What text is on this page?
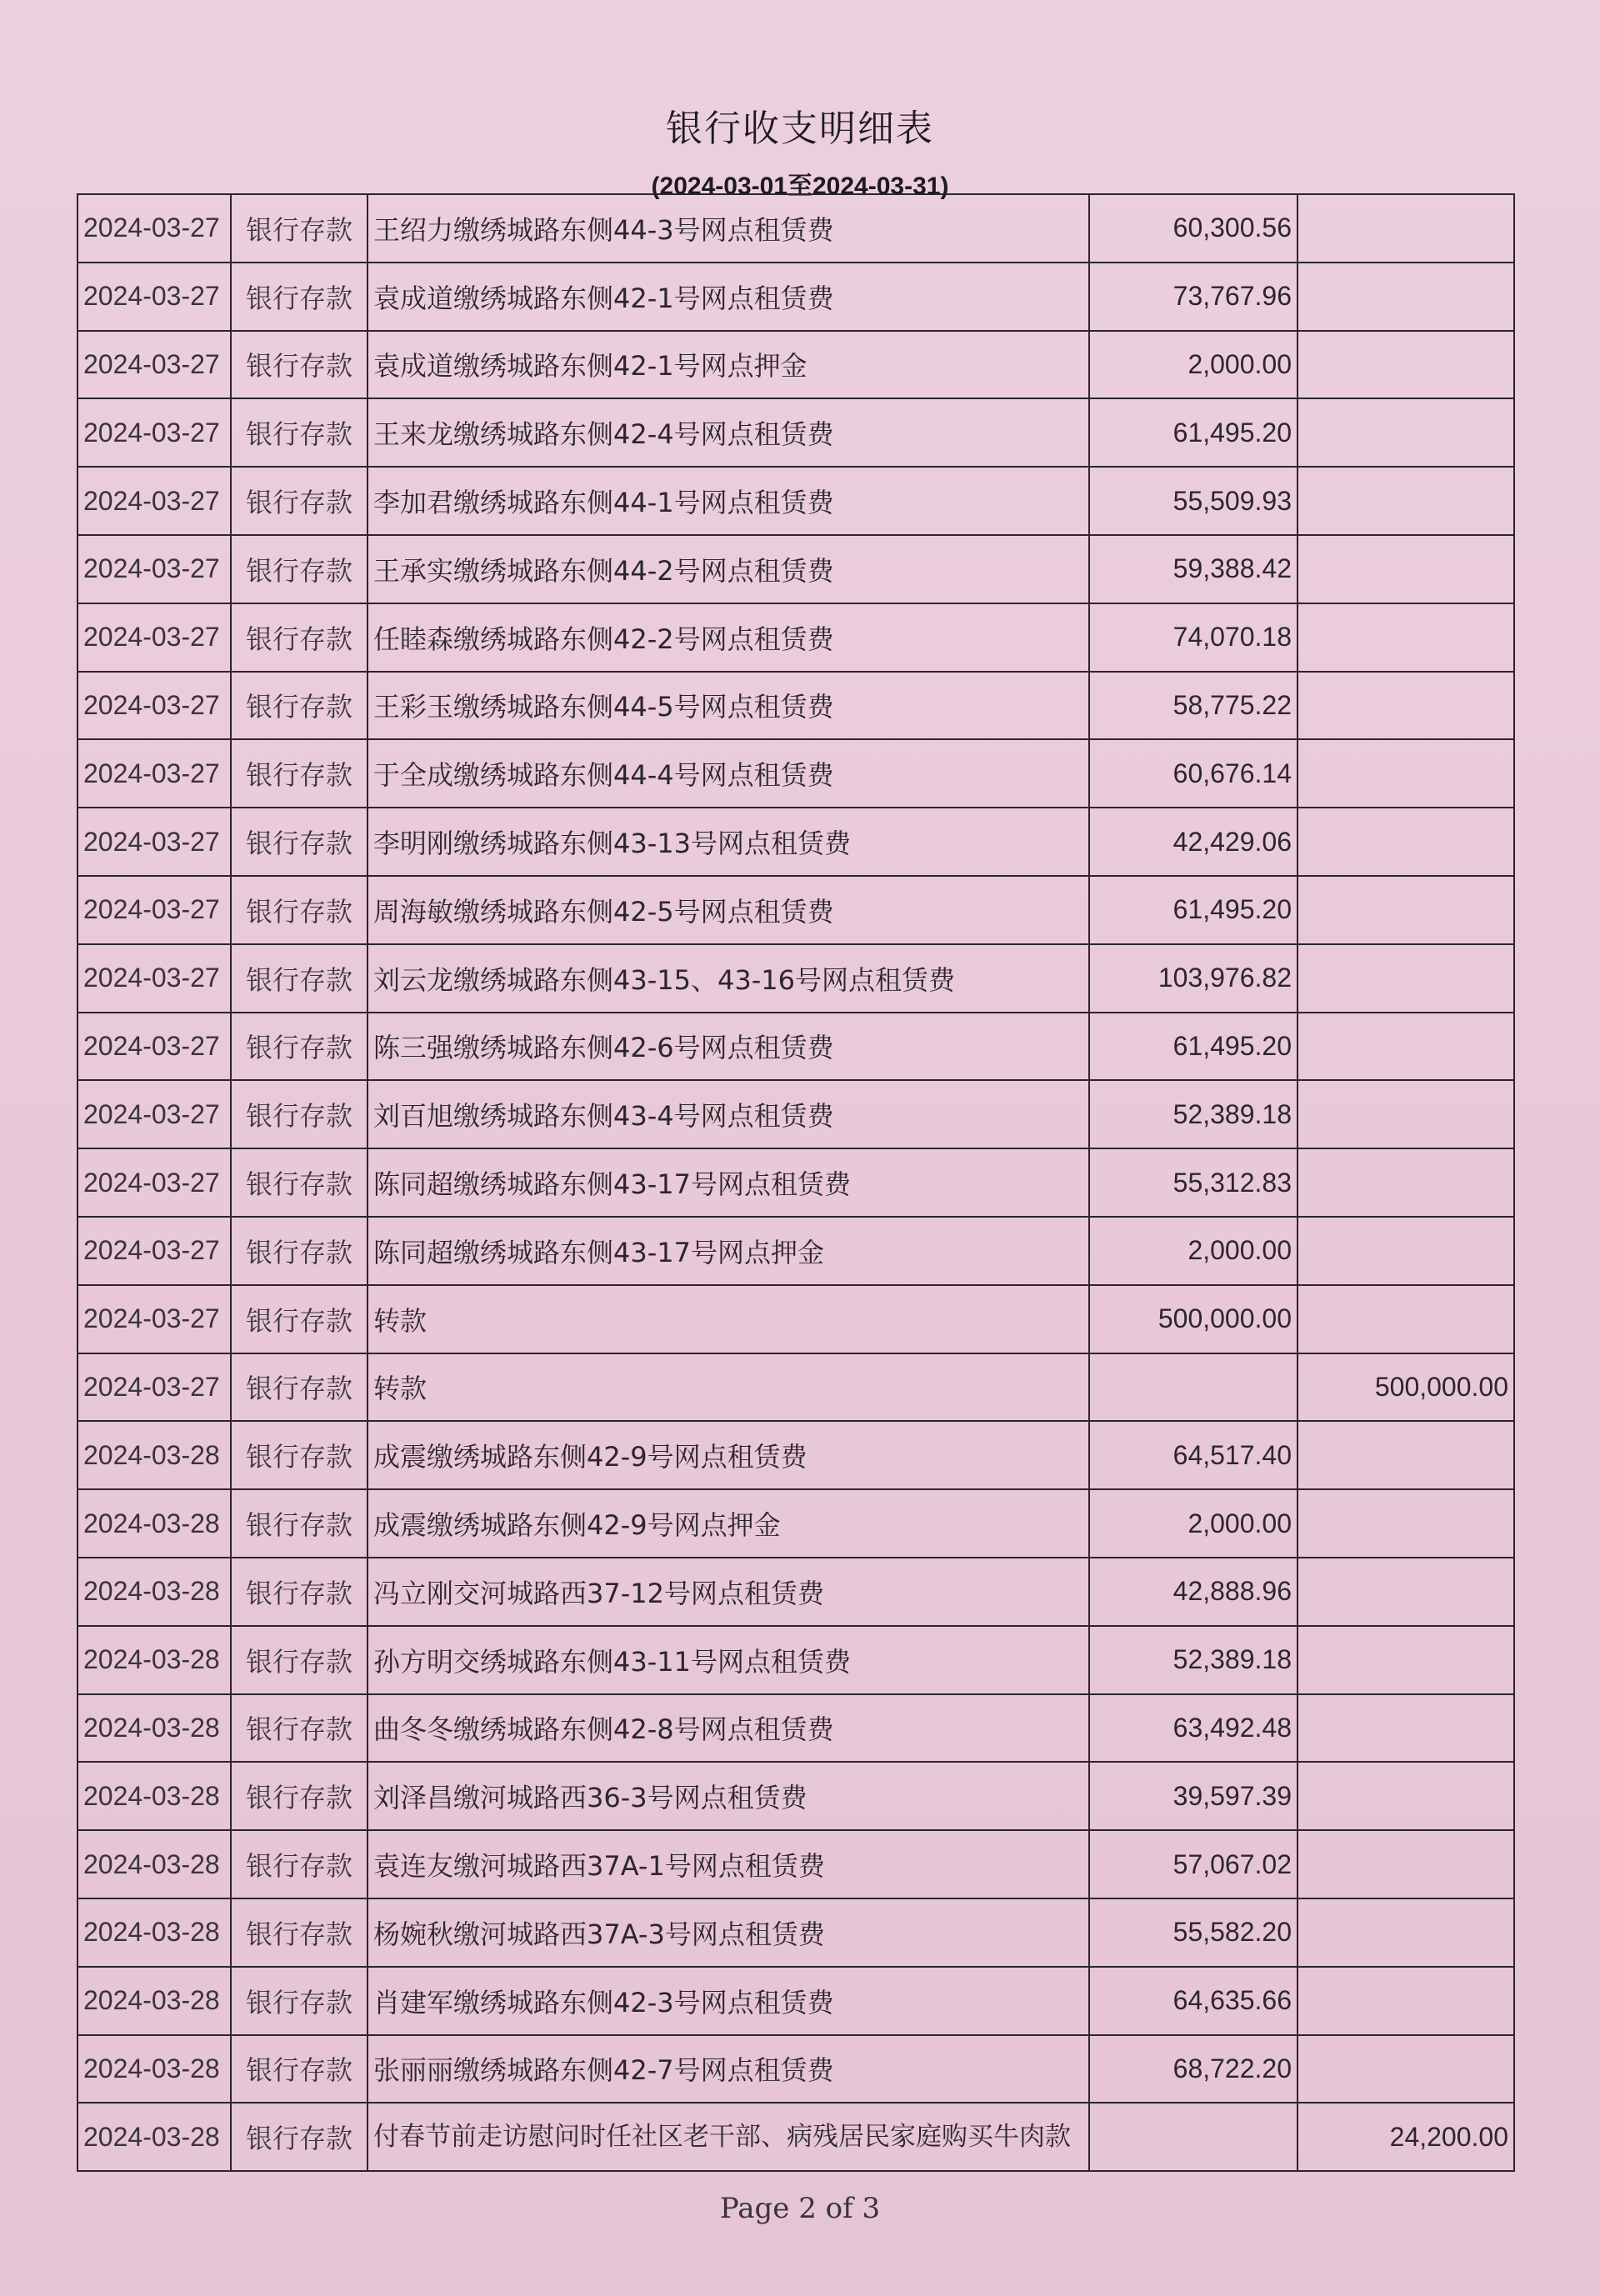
银行收支明细表
(2024-03-01至2024-03-31)
2024-03-27	银行存款	王绍力缴绣城路东侧44-3号网点租赁费	60,300.56	
2024-03-27	银行存款	袁成道缴绣城路东侧42-1号网点租赁费	73,767.96	
2024-03-27	银行存款	袁成道缴绣城路东侧42-1号网点押金	2,000.00	
2024-03-27	银行存款	王来龙缴绣城路东侧42-4号网点租赁费	61,495.20	
2024-03-27	银行存款	李加君缴绣城路东侧44-1号网点租赁费	55,509.93	
2024-03-27	银行存款	王承实缴绣城路东侧44-2号网点租赁费	59,388.42	
2024-03-27	银行存款	任睦森缴绣城路东侧42-2号网点租赁费	74,070.18	
2024-03-27	银行存款	王彩玉缴绣城路东侧44-5号网点租赁费	58,775.22	
2024-03-27	银行存款	于全成缴绣城路东侧44-4号网点租赁费	60,676.14	
2024-03-27	银行存款	李明刚缴绣城路东侧43-13号网点租赁费	42,429.06	
2024-03-27	银行存款	周海敏缴绣城路东侧42-5号网点租赁费	61,495.20	
2024-03-27	银行存款	刘云龙缴绣城路东侧43-15、43-16号网点租赁费	103,976.82	
2024-03-27	银行存款	陈三强缴绣城路东侧42-6号网点租赁费	61,495.20	
2024-03-27	银行存款	刘百旭缴绣城路东侧43-4号网点租赁费	52,389.18	
2024-03-27	银行存款	陈同超缴绣城路东侧43-17号网点租赁费	55,312.83	
2024-03-27	银行存款	陈同超缴绣城路东侧43-17号网点押金	2,000.00	
2024-03-27	银行存款	转款	500,000.00	
2024-03-27	银行存款	转款		500,000.00
2024-03-28	银行存款	成震缴绣城路东侧42-9号网点租赁费	64,517.40	
2024-03-28	银行存款	成震缴绣城路东侧42-9号网点押金	2,000.00	
2024-03-28	银行存款	冯立刚交河城路西37-12号网点租赁费	42,888.96	
2024-03-28	银行存款	孙方明交绣城路东侧43-11号网点租赁费	52,389.18	
2024-03-28	银行存款	曲冬冬缴绣城路东侧42-8号网点租赁费	63,492.48	
2024-03-28	银行存款	刘泽昌缴河城路西36-3号网点租赁费	39,597.39	
2024-03-28	银行存款	袁连友缴河城路西37A-1号网点租赁费	57,067.02	
2024-03-28	银行存款	杨婉秋缴河城路西37A-3号网点租赁费	55,582.20	
2024-03-28	银行存款	肖建军缴绣城路东侧42-3号网点租赁费	64,635.66	
2024-03-28	银行存款	张丽丽缴绣城路东侧42-7号网点租赁费	68,722.20	
2024-03-28	银行存款	付春节前走访慰问时任社区老干部、病残居民家庭购买牛肉款		24,200.00
Page 2 of 3
